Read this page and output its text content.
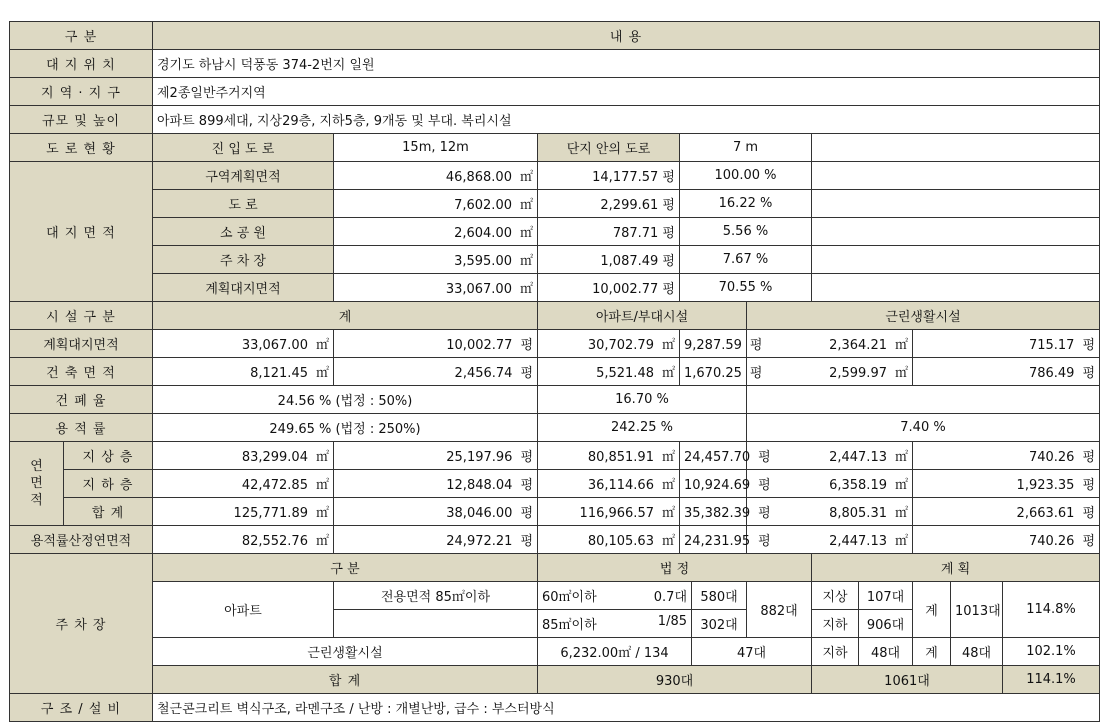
구 분		내 용										
대 지 위 치		경기도 하남시 덕풍동 374-2번지 일원										
지 역 · 지 구		제2종일반주거지역										
규모 및 높이		아파트 899세대, 지상29층, 지하5층, 9개동 및 부대. 복리시설										
도 로 현 황		진 입 도 로	15m, 12m	단지 안의 도로	7 m							
대 지 면 적		구역계획면적	46,868.00 ㎡	14,177.57 평	100.00 %							
		도 로	7,602.00 ㎡	2,299.61 평	16.22 %							
		소 공 원	2,604.00 ㎡	787.71 평	5.56 %							
		주 차 장	3,595.00 ㎡	1,087.49 평	7.67 %							
		계획대지면적	33,067.00 ㎡	10,002.77 평	70.55 %							
시 설 구 분		계		아파트/부대시설			근린생활시설					
계획대지면적		33,067.00 ㎡	10,002.77 평	30,702.79 ㎡	9,287.59 평		2,364.21 ㎡			715.17 평		
건 축 면 적		8,121.45 ㎡	2,456.74 평	5,521.48 ㎡	1,670.25 평		2,599.97 ㎡			786.49 평		
건 폐 율		24.56 % (법정 : 50%)		16.70 %								
용 적 률		249.65 % (법정 : 250%)		242.25 %			7.40 %					
연
면
적	지 상 층	83,299.04 ㎡	25,197.96 평	80,851.91 ㎡	24,457.70 평		2,447.13 ㎡			740.26 평		
	지 하 층	42,472.85 ㎡	12,848.04 평	36,114.66 ㎡	10,924.69 평		6,358.19 ㎡			1,923.35 평		
	합 계	125,771.89 ㎡	38,046.00 평	116,966.57 ㎡	35,382.39 평		8,805.31 ㎡			2,663.61 평		
용적률산정연면적		82,552.76 ㎡	24,972.21 평	80,105.63 ㎡	24,231.95 평		2,447.13 ㎡			740.26 평		
주 차 장		구 분		법 정				계 획				
		아파트	전용면적 85㎡이하	60㎡이하 0.7대		580대	882대	지상	107대	계	1013대	114.8%
				85㎡이하 1/85		302대		지하	906대			
		근린생활시설		6,232.00㎡ / 134		47대		지하	48대	계	48대	102.1%
		합 계		930대				1061대				114.1%
구 조 / 설 비		철근콘크리트 벽식구조, 라멘구조 / 난방 : 개별난방, 급수 : 부스터방식										
